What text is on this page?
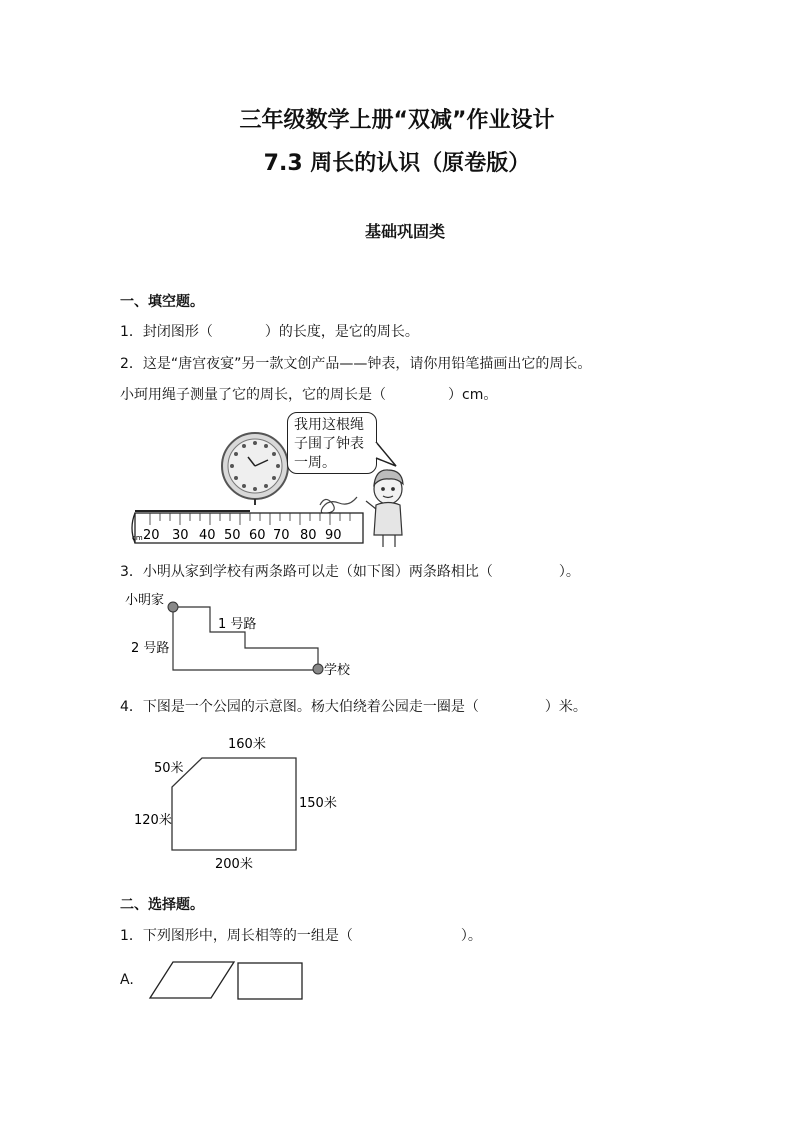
三年级数学上册“双减”作业设计
7.3 周长的认识（原卷版）
基础巩固类
一、填空题。
1．封闭图形（	）的长度，是它的周长。
2．这是“唐宫夜宴”另一款文创产品——钟表，请你用铅笔描画出它的周长。
小珂用绳子测量了它的周长，它的周长是（	）cm。
cm 20 30 40 50 60 70 80 90
我用这根绳
子围了钟表
一周。
3．小明从家到学校有两条路可以走（如下图）两条路相比（	）。
小明家
1 号路
2 号路
学校
4．下图是一个公园的示意图。杨大伯绕着公园走一圈是（	）米。
160米
50米
120米
150米
200米
二、选择题。
1．下列图形中，周长相等的一组是（	）。
A.
